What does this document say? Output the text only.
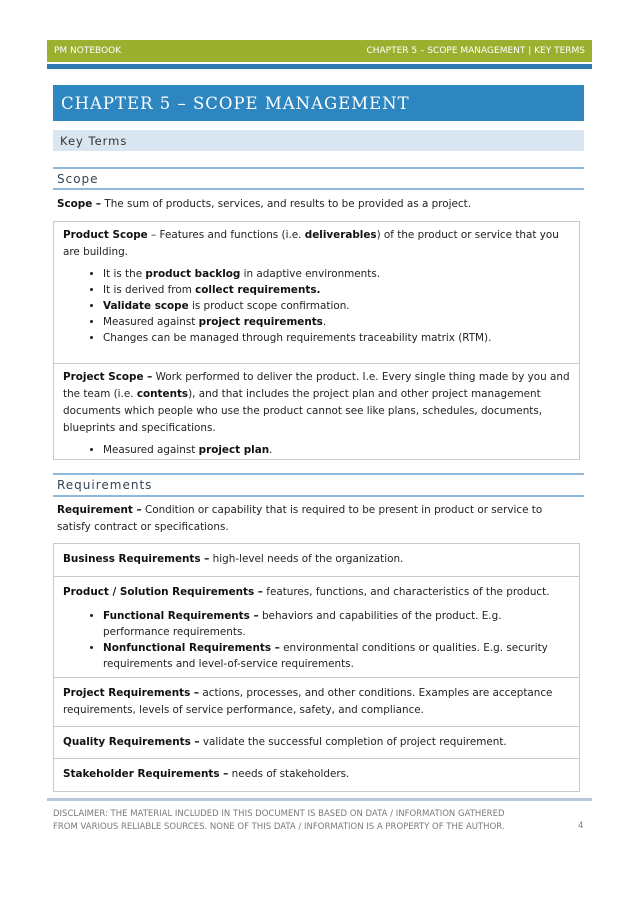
PM NOTEBOOK	CHAPTER 5 – SCOPE MANAGEMENT | KEY TERMS
CHAPTER 5 – SCOPE MANAGEMENT
Key Terms
Scope
Scope – The sum of products, services, and results to be provided as a project.
Product Scope – Features and functions (i.e. deliverables) of the product or service that you are building.
• It is the product backlog in adaptive environments.
• It is derived from collect requirements.
• Validate scope is product scope confirmation.
• Measured against project requirements.
• Changes can be managed through requirements traceability matrix (RTM).
Project Scope – Work performed to deliver the product. I.e. Every single thing made by you and the team (i.e. contents), and that includes the project plan and other project management documents which people who use the product cannot see like plans, schedules, documents, blueprints and specifications.
• Measured against project plan.
Requirements
Requirement – Condition or capability that is required to be present in product or service to satisfy contract or specifications.
Business Requirements – high-level needs of the organization.
Product / Solution Requirements – features, functions, and characteristics of the product.
• Functional Requirements – behaviors and capabilities of the product. E.g. performance requirements.
• Nonfunctional Requirements – environmental conditions or qualities. E.g. security requirements and level-of-service requirements.
Project Requirements – actions, processes, and other conditions. Examples are acceptance requirements, levels of service performance, safety, and compliance.
Quality Requirements – validate the successful completion of project requirement.
Stakeholder Requirements – needs of stakeholders.
DISCLAIMER: THE MATERIAL INCLUDED IN THIS DOCUMENT IS BASED ON DATA / INFORMATION GATHERED FROM VARIOUS RELIABLE SOURCES. NONE OF THIS DATA / INFORMATION IS A PROPERTY OF THE AUTHOR.	4
